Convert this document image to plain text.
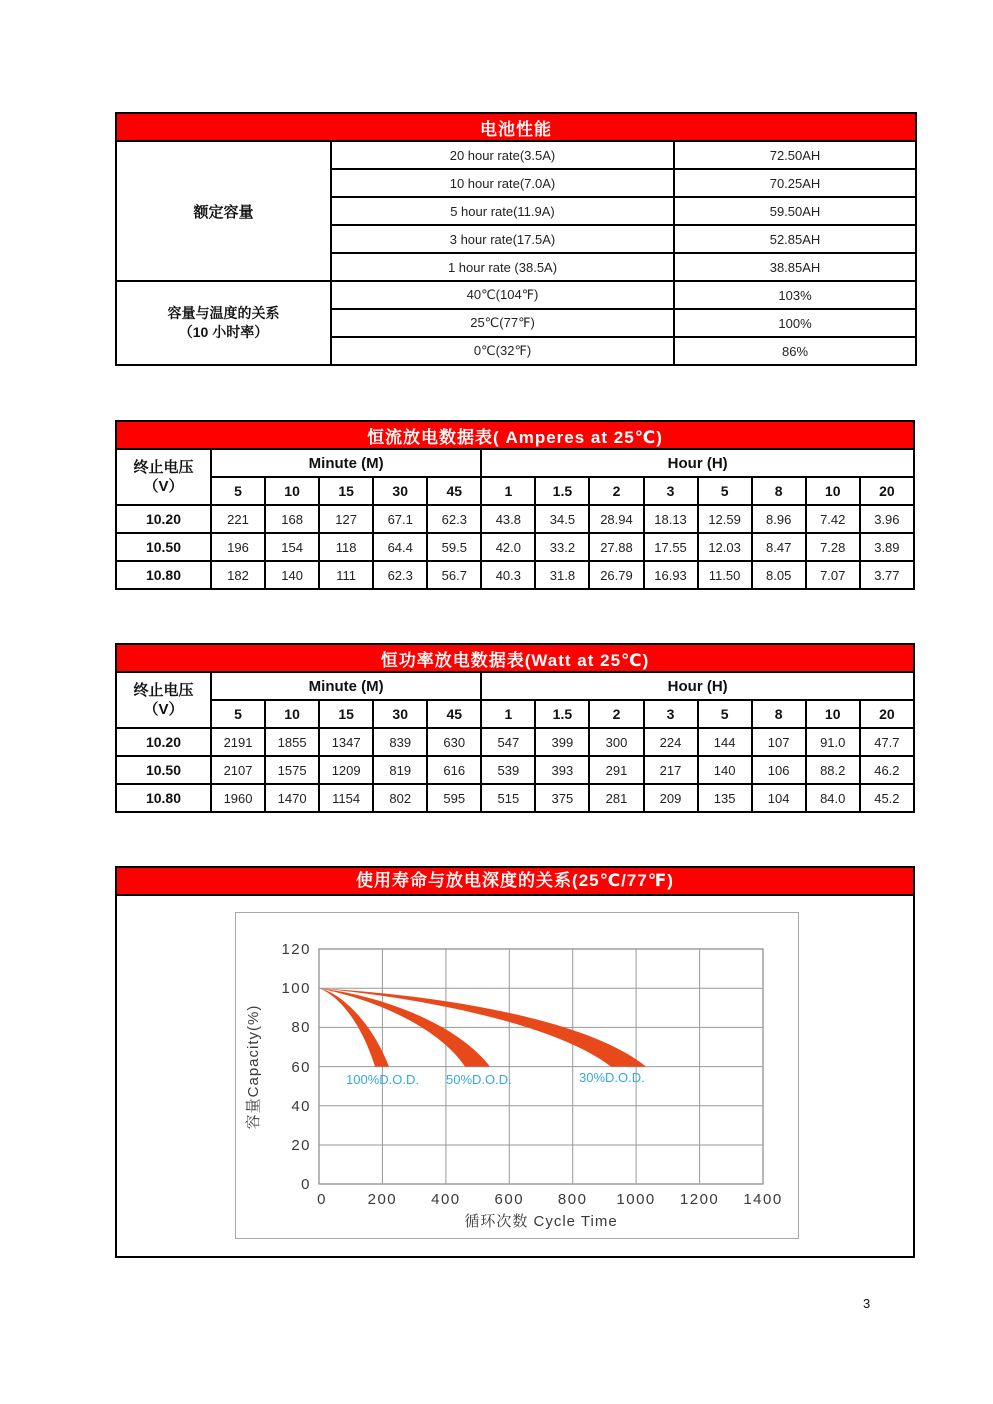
电池性能		
额定容量	20 hour rate(3.5A)	72.50AH
	10 hour rate(7.0A)	70.25AH
	5 hour rate(11.9A)	59.50AH
	3 hour rate(17.5A)	52.85AH
	1 hour rate (38.5A)	38.85AH

容量与温度的关系
（10 小时率）	40℃(104℉)	103%
	25℃(77℉)	100%
	0℃(32℉)	86%
恒流放电数据表( Amperes at 25℃)													

终止电压
（V）	Minute (M)					Hour (H)							
	5	10	15	30	45	1	1.5	2	3	5	8	10	20
10.20	221	168	127	67.1	62.3	43.8	34.5	28.94	18.13	12.59	8.96	7.42	3.96
10.50	196	154	118	64.4	59.5	42.0	33.2	27.88	17.55	12.03	8.47	7.28	3.89
10.80	182	140	111	62.3	56.7	40.3	31.8	26.79	16.93	11.50	8.05	7.07	3.77
恒功率放电数据表(Watt at 25℃)													

终止电压
（V）	Minute (M)					Hour (H)							
	5	10	15	30	45	1	1.5	2	3	5	8	10	20
10.20	2191	1855	1347	839	630	547	399	300	224	144	107	91.0	47.7
10.50	2107	1575	1209	819	616	539	393	291	217	140	106	88.2	46.2
10.80	1960	1470	1154	802	595	515	375	281	209	135	104	84.0	45.2
使用寿命与放电深度的关系(25℃/77℉)
120
100
80
60
40
20
0
0	200 400 600 800 1000 1200 1400
100%D.O.D. 50%D.O.D.	30%D.O.D.
容量Capacity(%)
循环次数 Cycle Time
3
